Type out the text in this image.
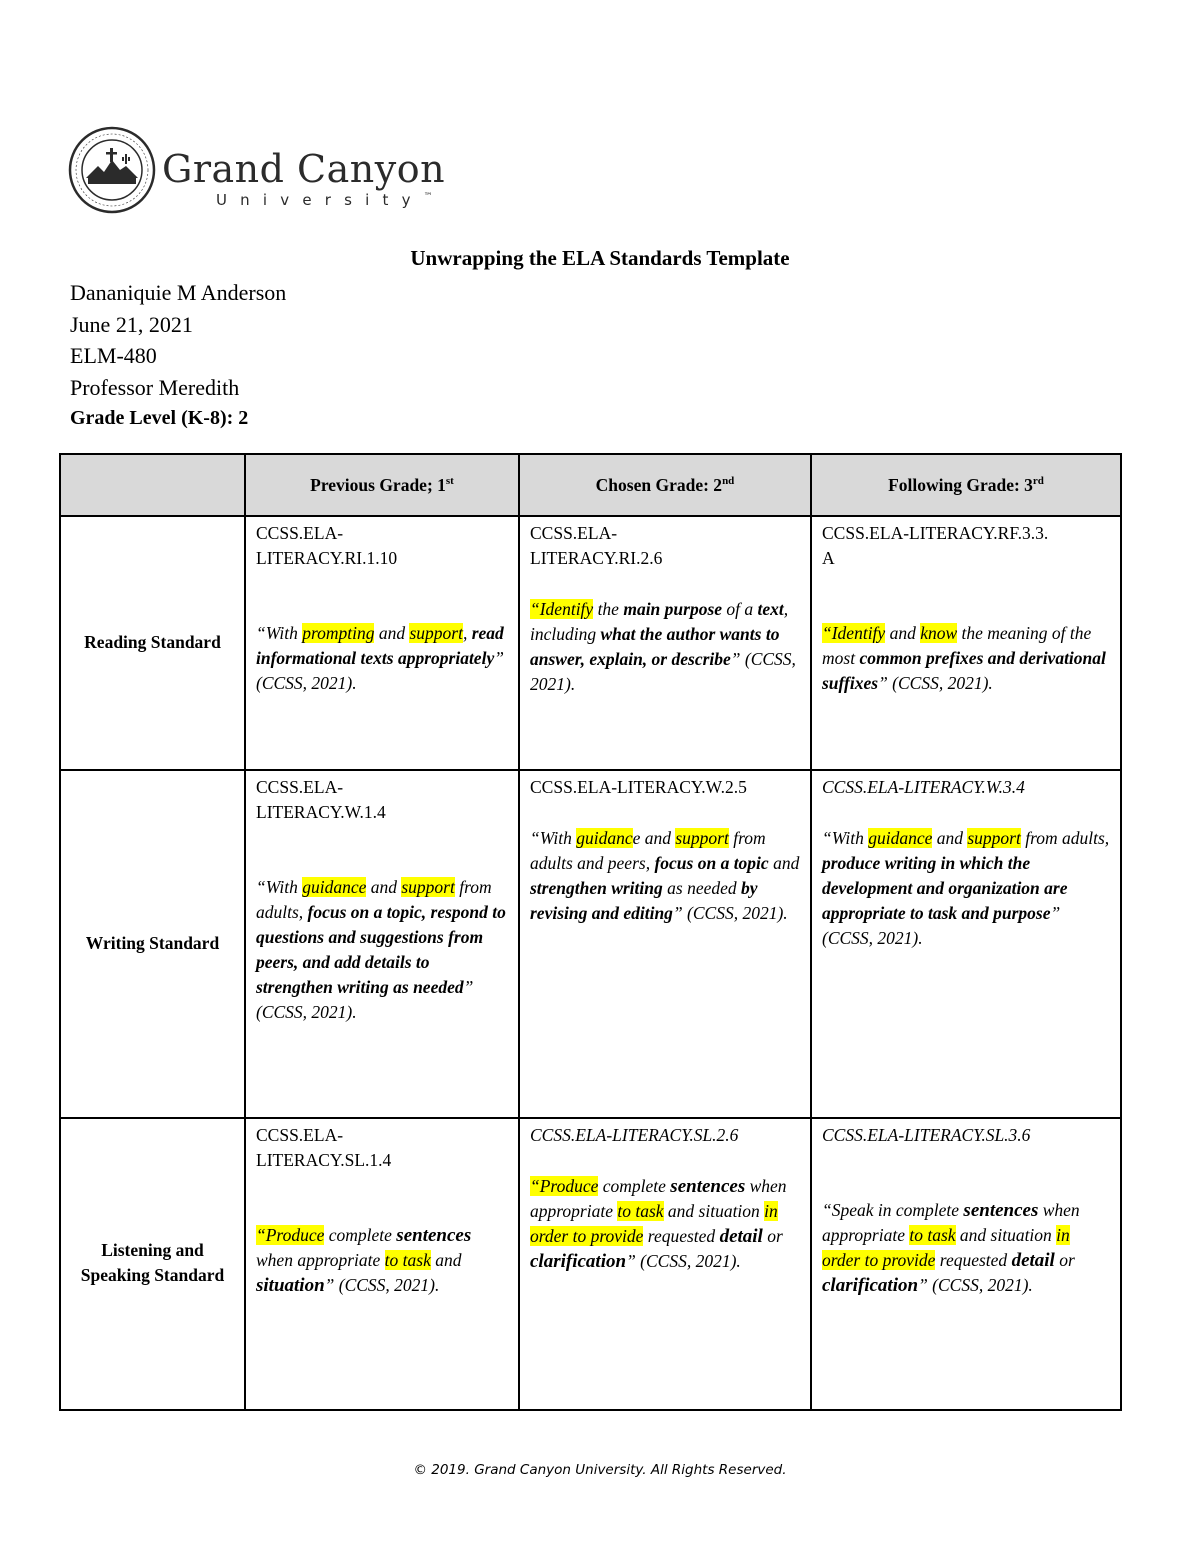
Grand Canyon
University™
Unwrapping the ELA Standards Template
Dananiquie M Anderson
June 21, 2021
ELM-480
Professor Meredith
Grade Level (K-8): 2
	Previous Grade; 1st	Chosen Grade: 2nd	Following Grade: 3rd
Reading Standard	CCSS.ELA-
LITERACY.RI.1.10
“With prompting and support, read informational texts appropriately” (CCSS, 2021).	CCSS.ELA-
LITERACY.RI.2.6
“Identify the main purpose of a text, including what the author wants to answer, explain, or describe” (CCSS, 2021).	CCSS.ELA-LITERACY.RF.3.3.
A
“Identify and know the meaning of the most common prefixes and derivational suffixes” (CCSS, 2021).
Writing Standard	CCSS.ELA-
LITERACY.W.1.4
“With guidance and support from adults, focus on a topic, respond to questions and suggestions from peers, and add details to strengthen writing as needed” (CCSS, 2021).	CCSS.ELA-LITERACY.W.2.5
“With guidance and support from adults and peers, focus on a topic and strengthen writing as needed by revising and editing” (CCSS, 2021).	CCSS.ELA-LITERACY.W.3.4
“With guidance and support from adults, produce writing in which the development and organization are appropriate to task and purpose” (CCSS, 2021).
Listening and Speaking Standard	CCSS.ELA-
LITERACY.SL.1.4
“Produce complete sentences when appropriate to task and situation” (CCSS, 2021).	CCSS.ELA-LITERACY.SL.2.6
“Produce complete sentences when appropriate to task and situation in order to provide requested detail or clarification” (CCSS, 2021).	CCSS.ELA-LITERACY.SL.3.6
“Speak in complete sentences when appropriate to task and situation in order to provide requested detail or clarification” (CCSS, 2021).
© 2019. Grand Canyon University. All Rights Reserved.
